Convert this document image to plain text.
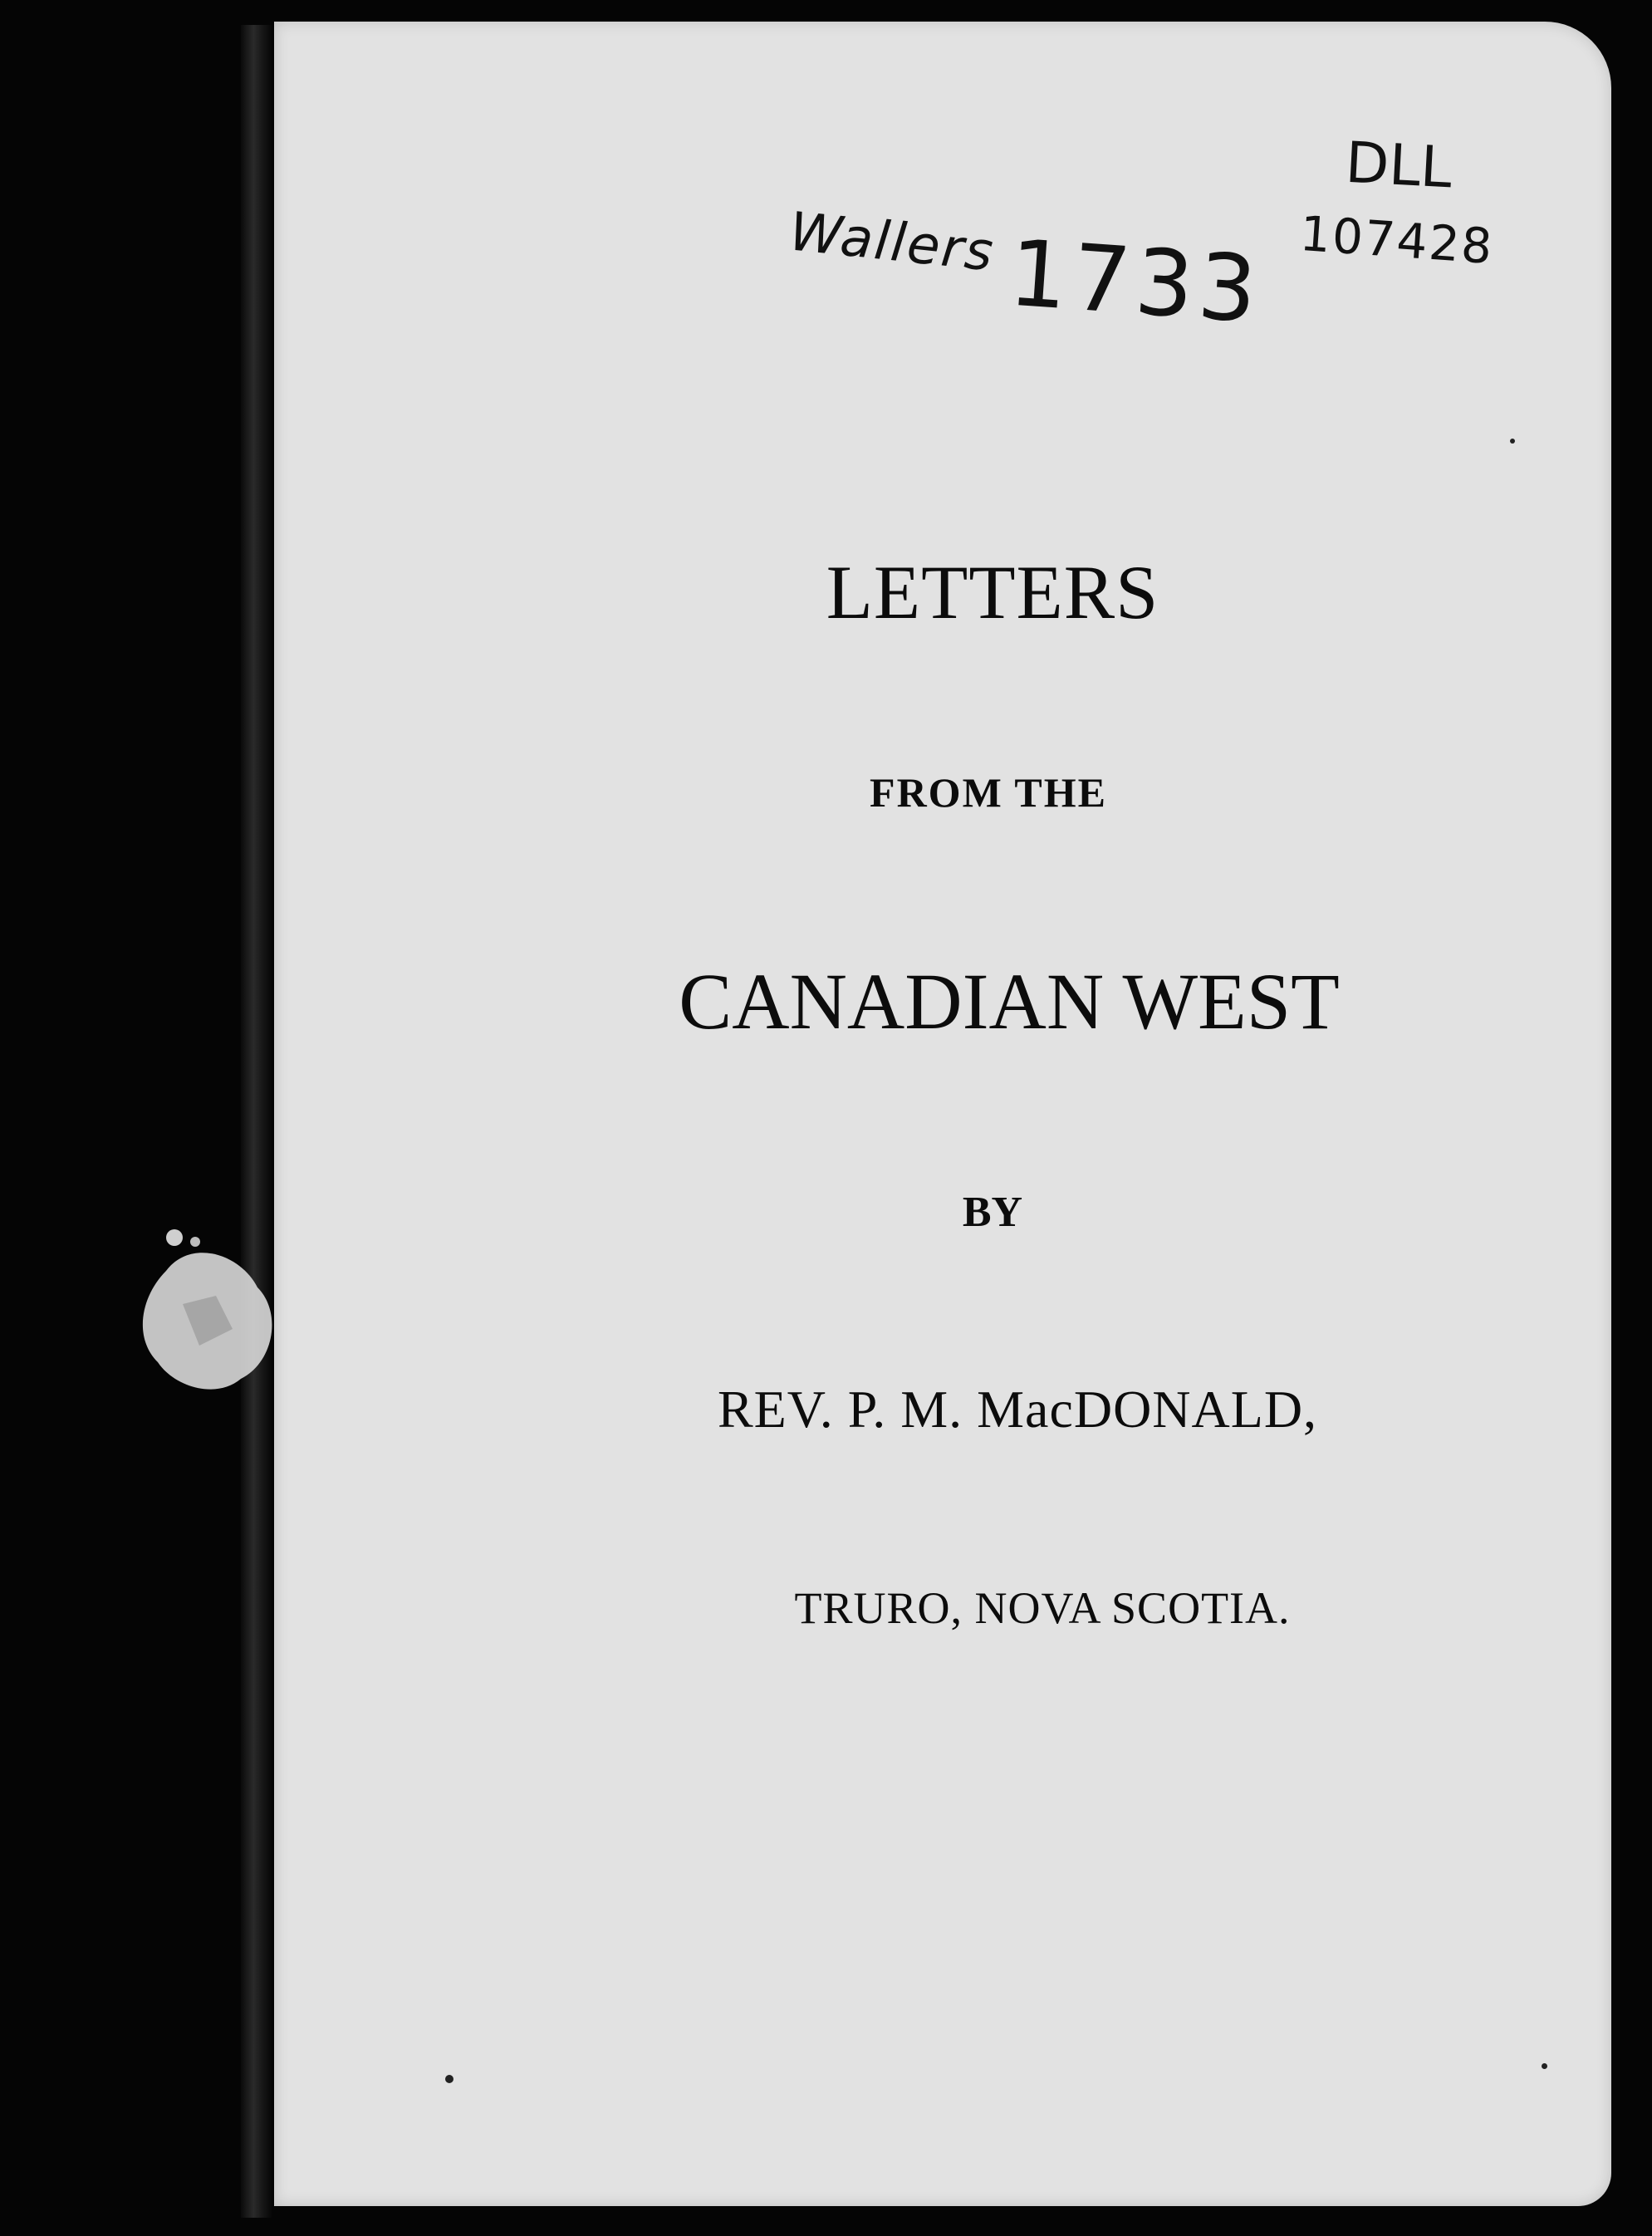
Wallers 1733
DLL
107428
LETTERS
FROM THE
CANADIAN WEST
BY
REV. P. M. MacDONALD,
TRURO, NOVA SCOTIA.
